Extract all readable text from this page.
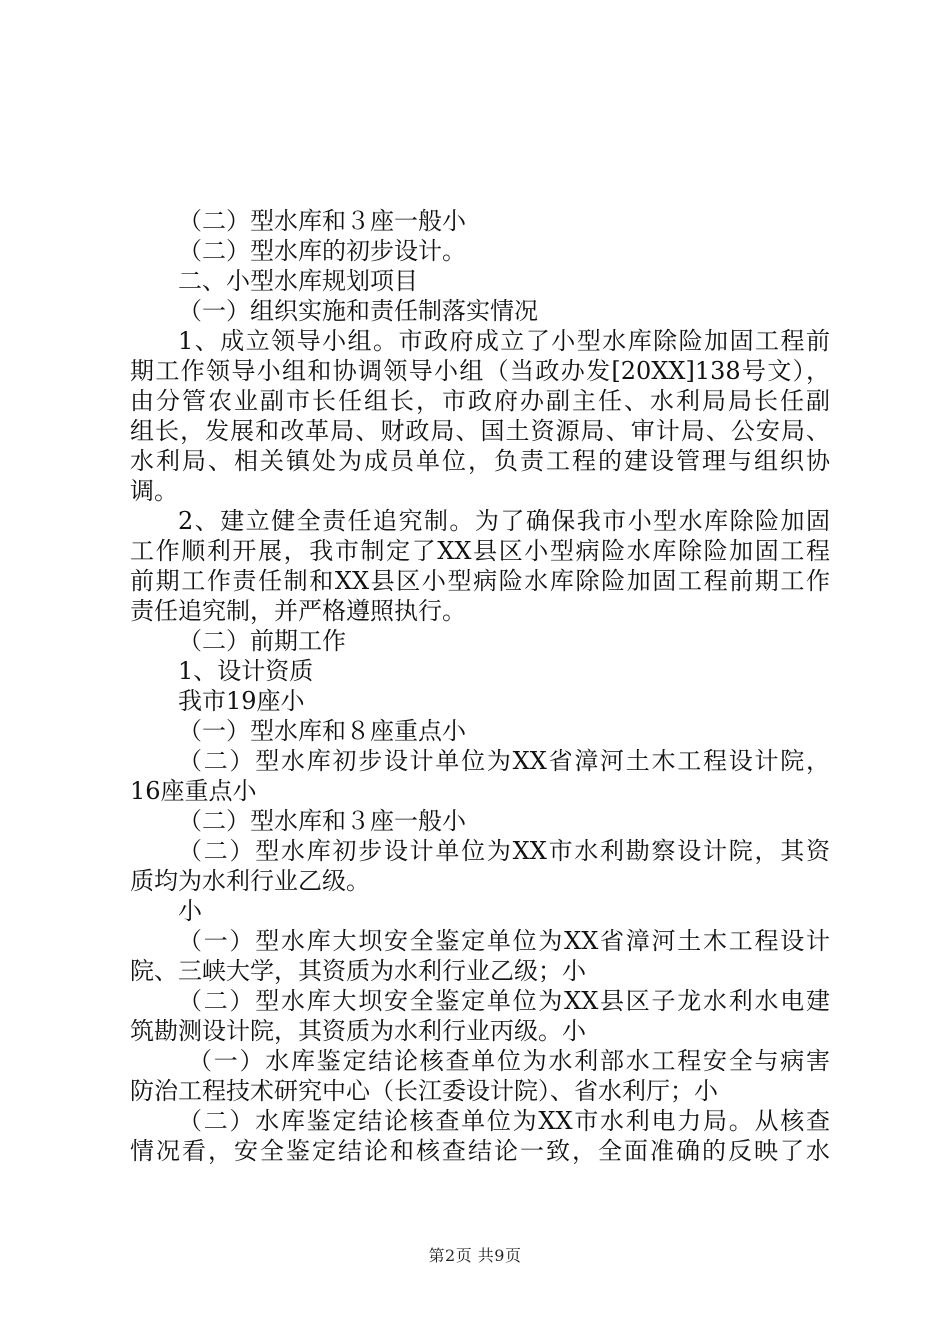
（二）型水库和３座一般小
（二）型水库的初步设计。
二、小型水库规划项目
（一）组织实施和责任制落实情况
1、成立领导小组。市政府成立了小型水库除险加固工程前
期工作领导小组和协调领导小组（当政办发[20XX]138号文），
由分管农业副市长任组长，市政府办副主任、水利局局长任副
组长，发展和改革局、财政局、国土资源局、审计局、公安局、
水利局、相关镇处为成员单位，负责工程的建设管理与组织协
调。
2、建立健全责任追究制。为了确保我市小型水库除险加固
工作顺利开展，我市制定了XX县区小型病险水库除险加固工程
前期工作责任制和XX县区小型病险水库除险加固工程前期工作
责任追究制，并严格遵照执行。
（二）前期工作
1、设计资质
我市19座小
（一）型水库和８座重点小
（二）型水库初步设计单位为XX省漳河土木工程设计院，
16座重点小
（二）型水库和３座一般小
（二）型水库初步设计单位为XX市水利勘察设计院，其资
质均为水利行业乙级。
小
（一）型水库大坝安全鉴定单位为XX省漳河土木工程设计
院、三峡大学，其资质为水利行业乙级；小
（二）型水库大坝安全鉴定单位为XX县区子龙水利水电建
筑勘测设计院，其资质为水利行业丙级。小
（一）水库鉴定结论核查单位为水利部水工程安全与病害
防治工程技术研究中心（长江委设计院）、省水利厅；小
（二）水库鉴定结论核查单位为XX市水利电力局。从核查
情况看，安全鉴定结论和核查结论一致，全面准确的反映了水
第2页 共9页
